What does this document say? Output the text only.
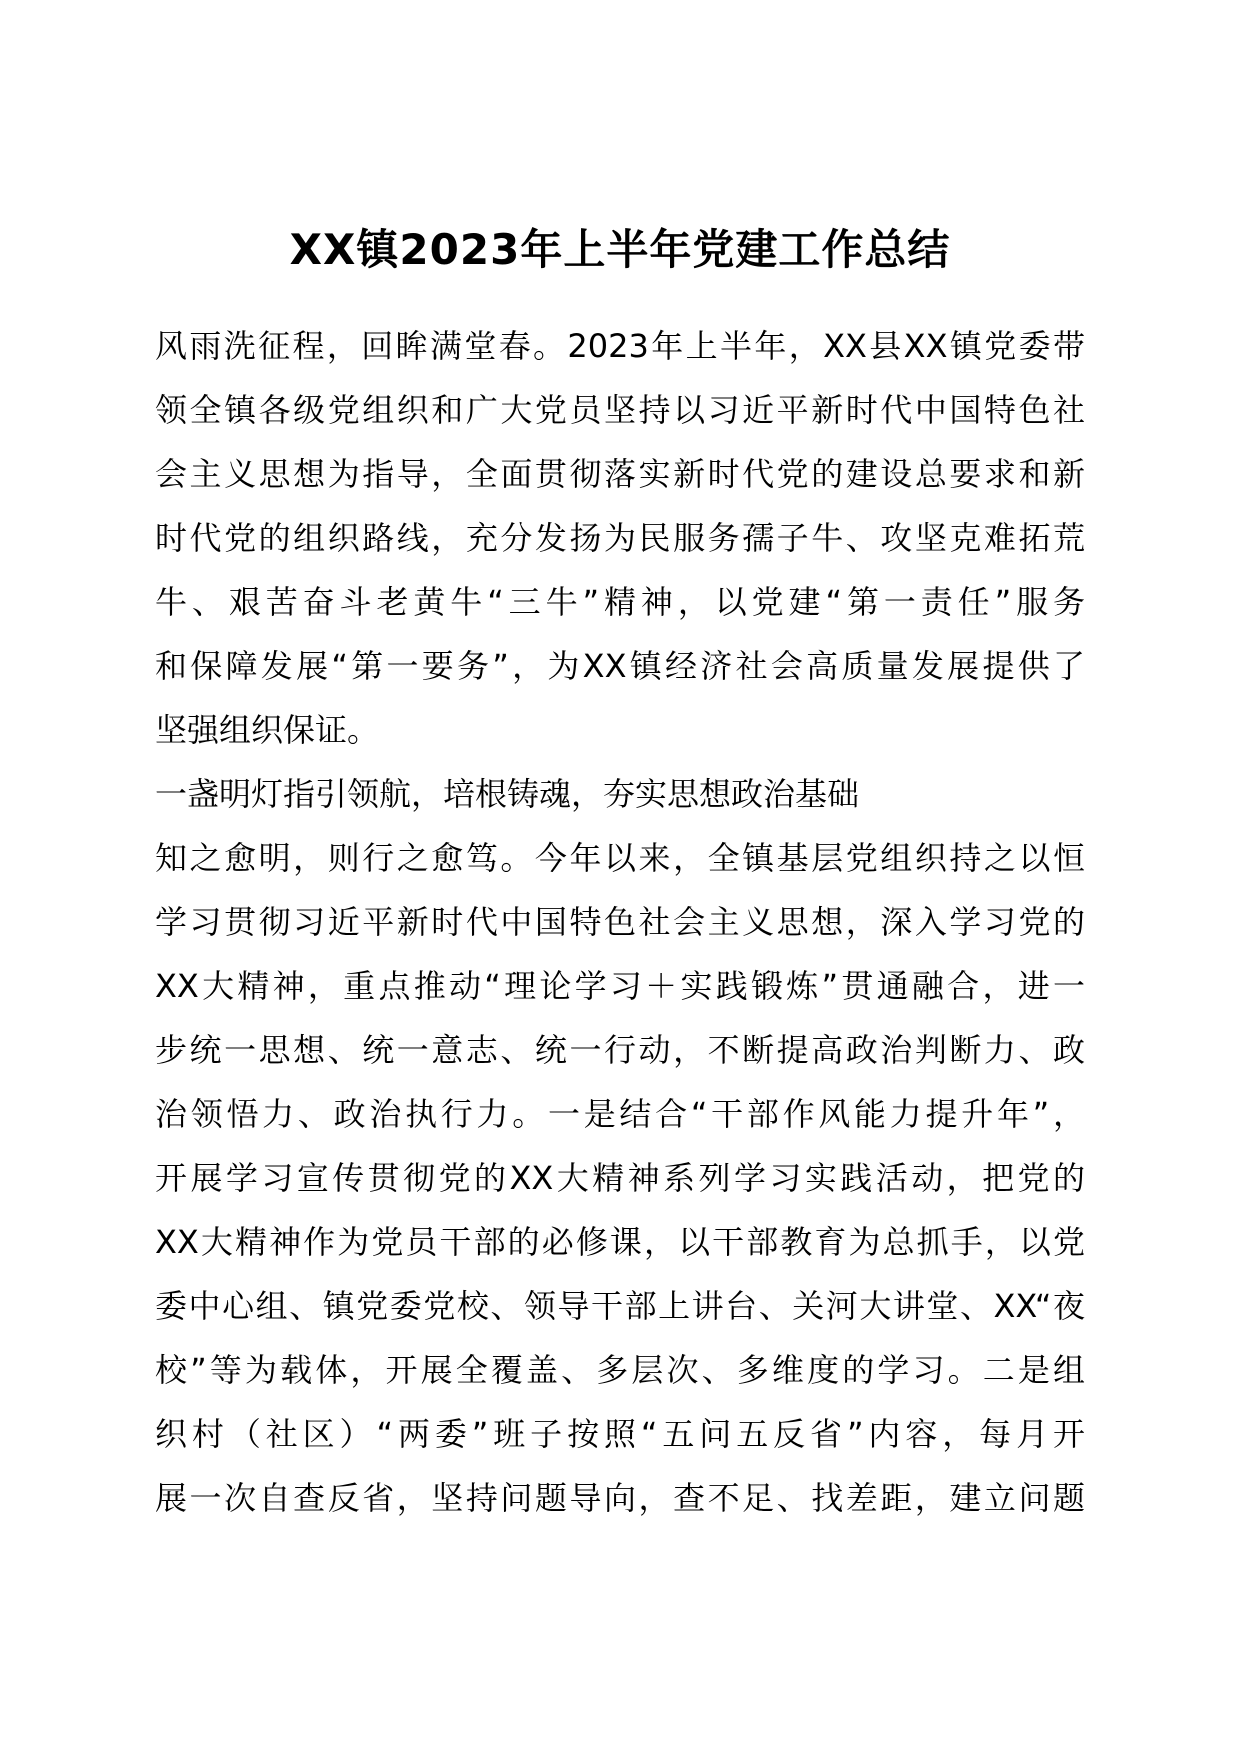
XX镇2023年上半年党建工作总结
风雨洗征程，回眸满堂春。2023年上半年，XX县XX镇党委带
领全镇各级党组织和广大党员坚持以习近平新时代中国特色社
会主义思想为指导，全面贯彻落实新时代党的建设总要求和新
时代党的组织路线，充分发扬为民服务孺子牛、攻坚克难拓荒
牛、艰苦奋斗老黄牛“三牛”精神，以党建“第一责任”服务
和保障发展“第一要务”，为XX镇经济社会高质量发展提供了
坚强组织保证。
一盏明灯指引领航，培根铸魂，夯实思想政治基础
知之愈明，则行之愈笃。今年以来，全镇基层党组织持之以恒
学习贯彻习近平新时代中国特色社会主义思想，深入学习党的
XX大精神，重点推动“理论学习＋实践锻炼”贯通融合，进一
步统一思想、统一意志、统一行动，不断提高政治判断力、政
治领悟力、政治执行力。一是结合“干部作风能力提升年”，
开展学习宣传贯彻党的XX大精神系列学习实践活动，把党的
XX大精神作为党员干部的必修课，以干部教育为总抓手，以党
委中心组、镇党委党校、领导干部上讲台、关河大讲堂、XX“夜
校”等为载体，开展全覆盖、多层次、多维度的学习。二是组
织村（社区）“两委”班子按照“五问五反省”内容，每月开
展一次自查反省，坚持问题导向，查不足、找差距，建立问题
